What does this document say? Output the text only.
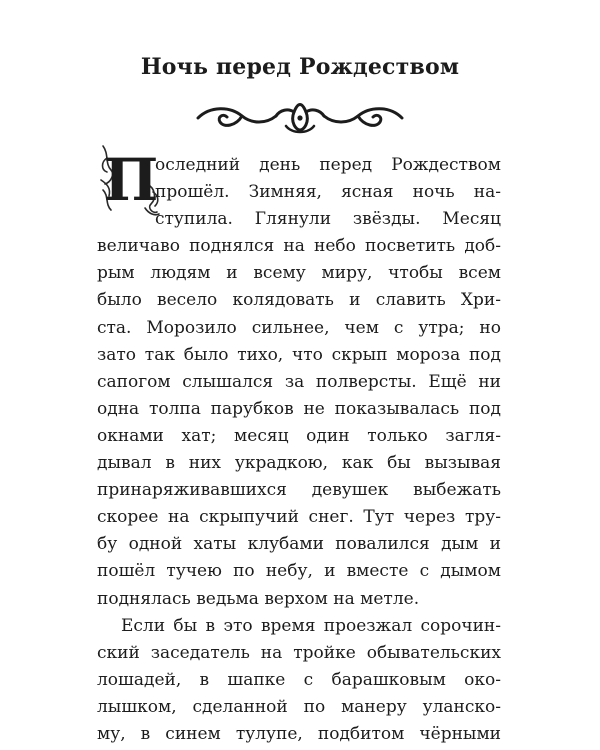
Ночь перед Рождеством
П
оследний день перед Рождеством
прошёл. Зимняя, ясная ночь на-
ступила. Глянули звёзды. Месяц
величаво поднялся на небо посветить доб-
рым людям и всему миру, чтобы всем
было весело колядовать и славить Хри-
ста. Морозило сильнее, чем с утра; но
зато так было тихо, что скрып мороза под
сапогом слышался за полверсты. Ещё ни
одна толпа парубков не показывалась под
окнами хат; месяц один только загля-
дывал в них украдкою, как бы вызывая
принаряживавшихся девушек выбежать
скорее на скрыпучий снег. Тут через тру-
бу одной хаты клубами повалился дым и
пошёл тучею по небу, и вместе с дымом
поднялась ведьма верхом на метле.
Если бы в это время проезжал сорочин-
ский заседатель на тройке обывательских
лошадей, в шапке с барашковым око-
лышком, сделанной по манеру уланско-
му, в синем тулупе, подбитом чёрными
